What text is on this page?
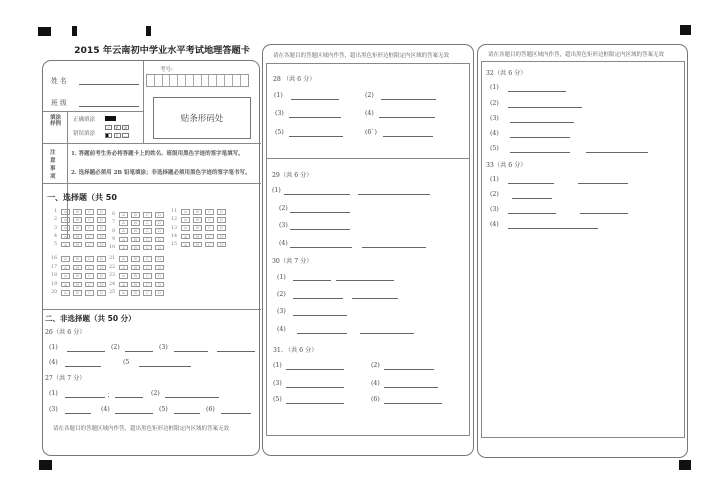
2015 年云南初中学业水平考试地理答题卡
姓 名
班 级
考号:
贴条形码处
填涂样例
正确填涂
错误填涂
✓	✗	⊘
▯	—
注意事项
1. 答题前考生务必将答题卡上的姓名、班级用黑色字迹的签字笔填写。
2. 选择题必须用 2B 铅笔填涂；非选择题必须用黑色字迹的签字笔书写。
一、选择题（共 50
1	A	B	C	D
2	A	B	C	D
3	A	B	C	D
4	A	B	C	D
5	A	B	C	D
6	A	B	C	D
7	A	B	C	D
8	A	B	C	D
9	A	B	C	D
10	A	B	C	D
11	A	B	C	D
12	A	B	C	D
13	A	B	C	D
14	A	B	C	D
15	A	B	C	D
16	A	B	C	D
17	A	B	C	D
18	A	B	C	D
19	A	B	C	D
20	A	B	C	D
21	A	B	C	D
22	A	B	C	D
23	A	B	C	D
24	A	B	C	D
25	A	B	C	D
二、非选择题（共 50 分）
26（共 6 分）
(1)	(2)	(3)
(4)	(5
27（共 7 分）
(1)	；	(2)
(3)	(4)	(5)	(6)
请在各题目的答题区域内作答，超出黑色矩形边框限定内区域的答案无效
请在各题目的答题区域内作答，超出黑色矩形边框限定内区域的答案无效
28 （共 6 分）
(1)	(2)
(3)	(4)
(5)	(6`)
29（共 6 分）
(1)
(2)
(3)
(4)
30（共 7 分）
(1)
(2)
(3)
(4)
31. （共 6 分）
(1)	(2)
(3)	(4)
(5)	(6)
请在各题目的答题区域内作答，超出黑色矩形边框限定内区域的答案无效
32（共 6 分）
(1)
(2)
(3)
(4)
(5)
33（共 6 分）
(1)
(2)
(3)
(4)
